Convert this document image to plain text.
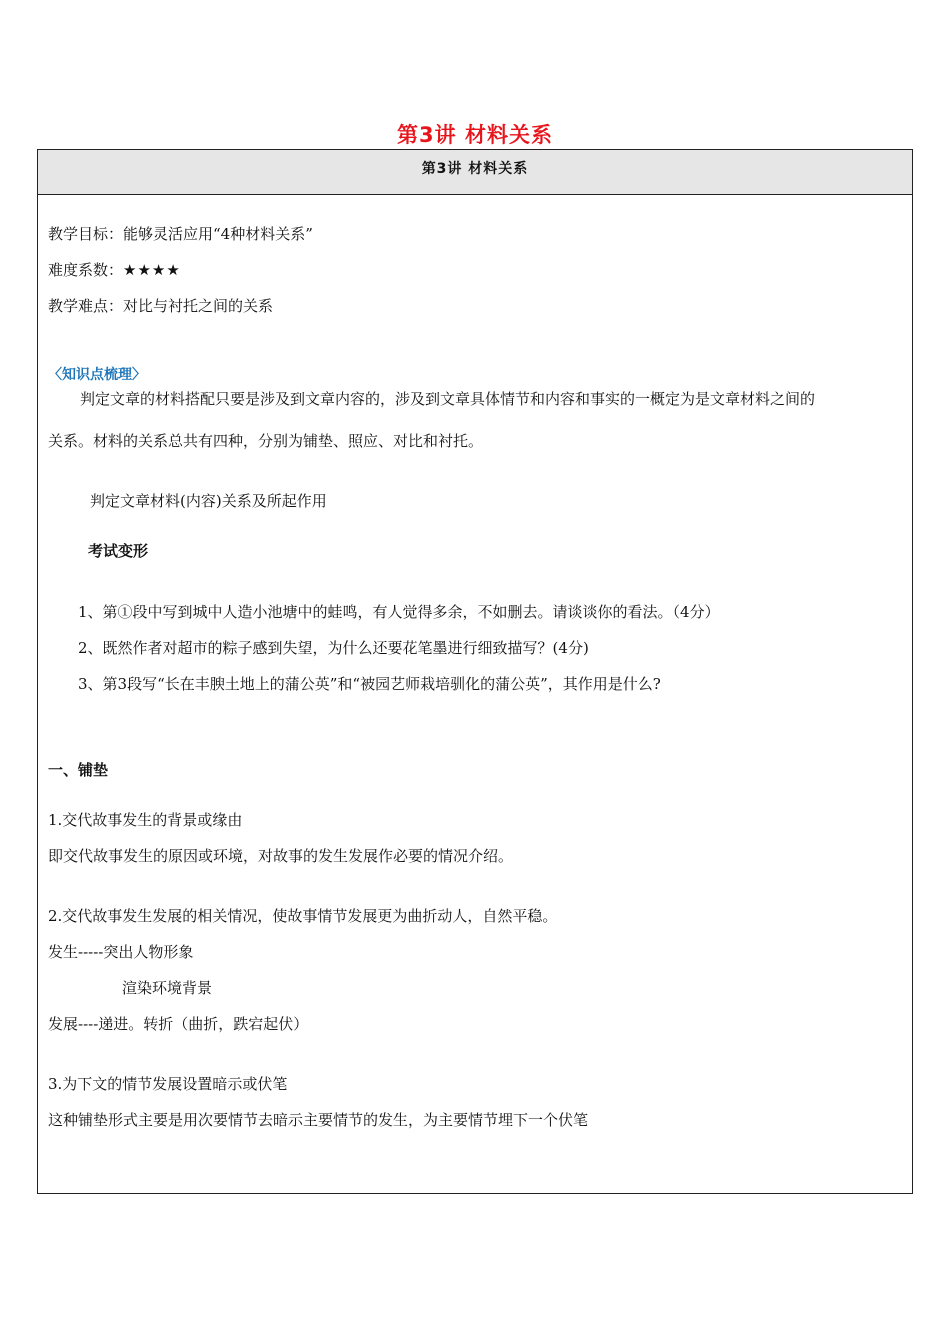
第3讲 材料关系
第3讲 材料关系
教学目标：能够灵活应用“4种材料关系”
难度系数：★★★★
教学难点：对比与衬托之间的关系
〈知识点梳理〉
判定文章的材料搭配只要是涉及到文章内容的，涉及到文章具体情节和内容和事实的一概定为是文章材料之间的
关系。材料的关系总共有四种，分别为铺垫、照应、对比和衬托。
判定文章材料(内容)关系及所起作用
考试变形
1、第①段中写到城中人造小池塘中的蛙鸣，有人觉得多余，不如删去。请谈谈你的看法。（4分）
2、既然作者对超市的粽子感到失望，为什么还要花笔墨进行细致描写？(4分)
3、第3段写“长在丰腴土地上的蒲公英”和“被园艺师栽培驯化的蒲公英”，其作用是什么?
一、铺垫
1.交代故事发生的背景或缘由
即交代故事发生的原因或环境，对故事的发生发展作必要的情况介绍。
2.交代故事发生发展的相关情况，使故事情节发展更为曲折动人，自然平稳。
发生-----突出人物形象
渲染环境背景
发展----递进。转折（曲折，跌宕起伏）
3.为下文的情节发展设置暗示或伏笔
这种铺垫形式主要是用次要情节去暗示主要情节的发生，为主要情节埋下一个伏笔
